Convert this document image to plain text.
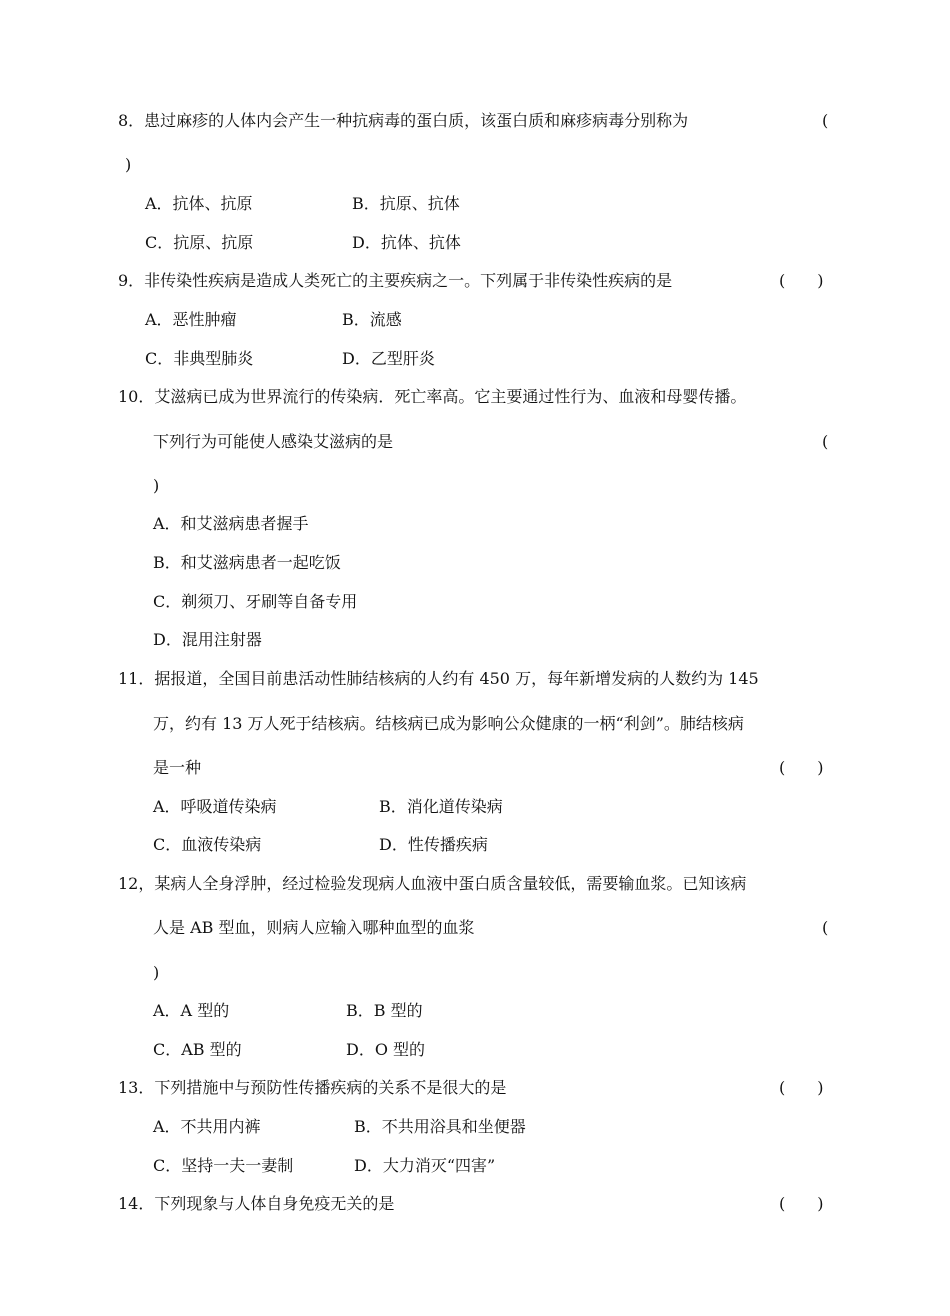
8．患过麻疹的人体内会产生一种抗病毒的蛋白质，该蛋白质和麻疹病毒分别称为	(
)
A．抗体、抗原	B．抗原、抗体
C．抗原、抗原	D．抗体、抗体
9．非传染性疾病是造成人类死亡的主要疾病之一。下列属于非传染性疾病的是	(　　)
A．恶性肿瘤	B．流感
C．非典型肺炎	D．乙型肝炎
10．艾滋病已成为世界流行的传染病．死亡率高。它主要通过性行为、血液和母婴传播。
下列行为可能使人感染艾滋病的是	(
)
A．和艾滋病患者握手
B．和艾滋病患者一起吃饭
C．剃须刀、牙刷等自备专用
D．混用注射器
11．据报道，全国目前患活动性肺结核病的人约有 450 万，每年新增发病的人数约为 145
万，约有 13 万人死于结核病。结核病已成为影响公众健康的一柄“利剑”。肺结核病
是一种	(　　)
A．呼吸道传染病	B．消化道传染病
C．血液传染病	D．性传播疾病
12，某病人全身浮肿，经过检验发现病人血液中蛋白质含量较低，需要输血浆。已知该病
人是 AB 型血，则病人应输入哪种血型的血浆	(
)
A．A 型的	B．B 型的
C．AB 型的	D．O 型的
13．下列措施中与预防性传播疾病的关系不是很大的是	(　　)
A．不共用内裤	B．不共用浴具和坐便器
C．坚持一夫一妻制	D．大力消灭“四害”
14．下列现象与人体自身免疫无关的是	(　　)
